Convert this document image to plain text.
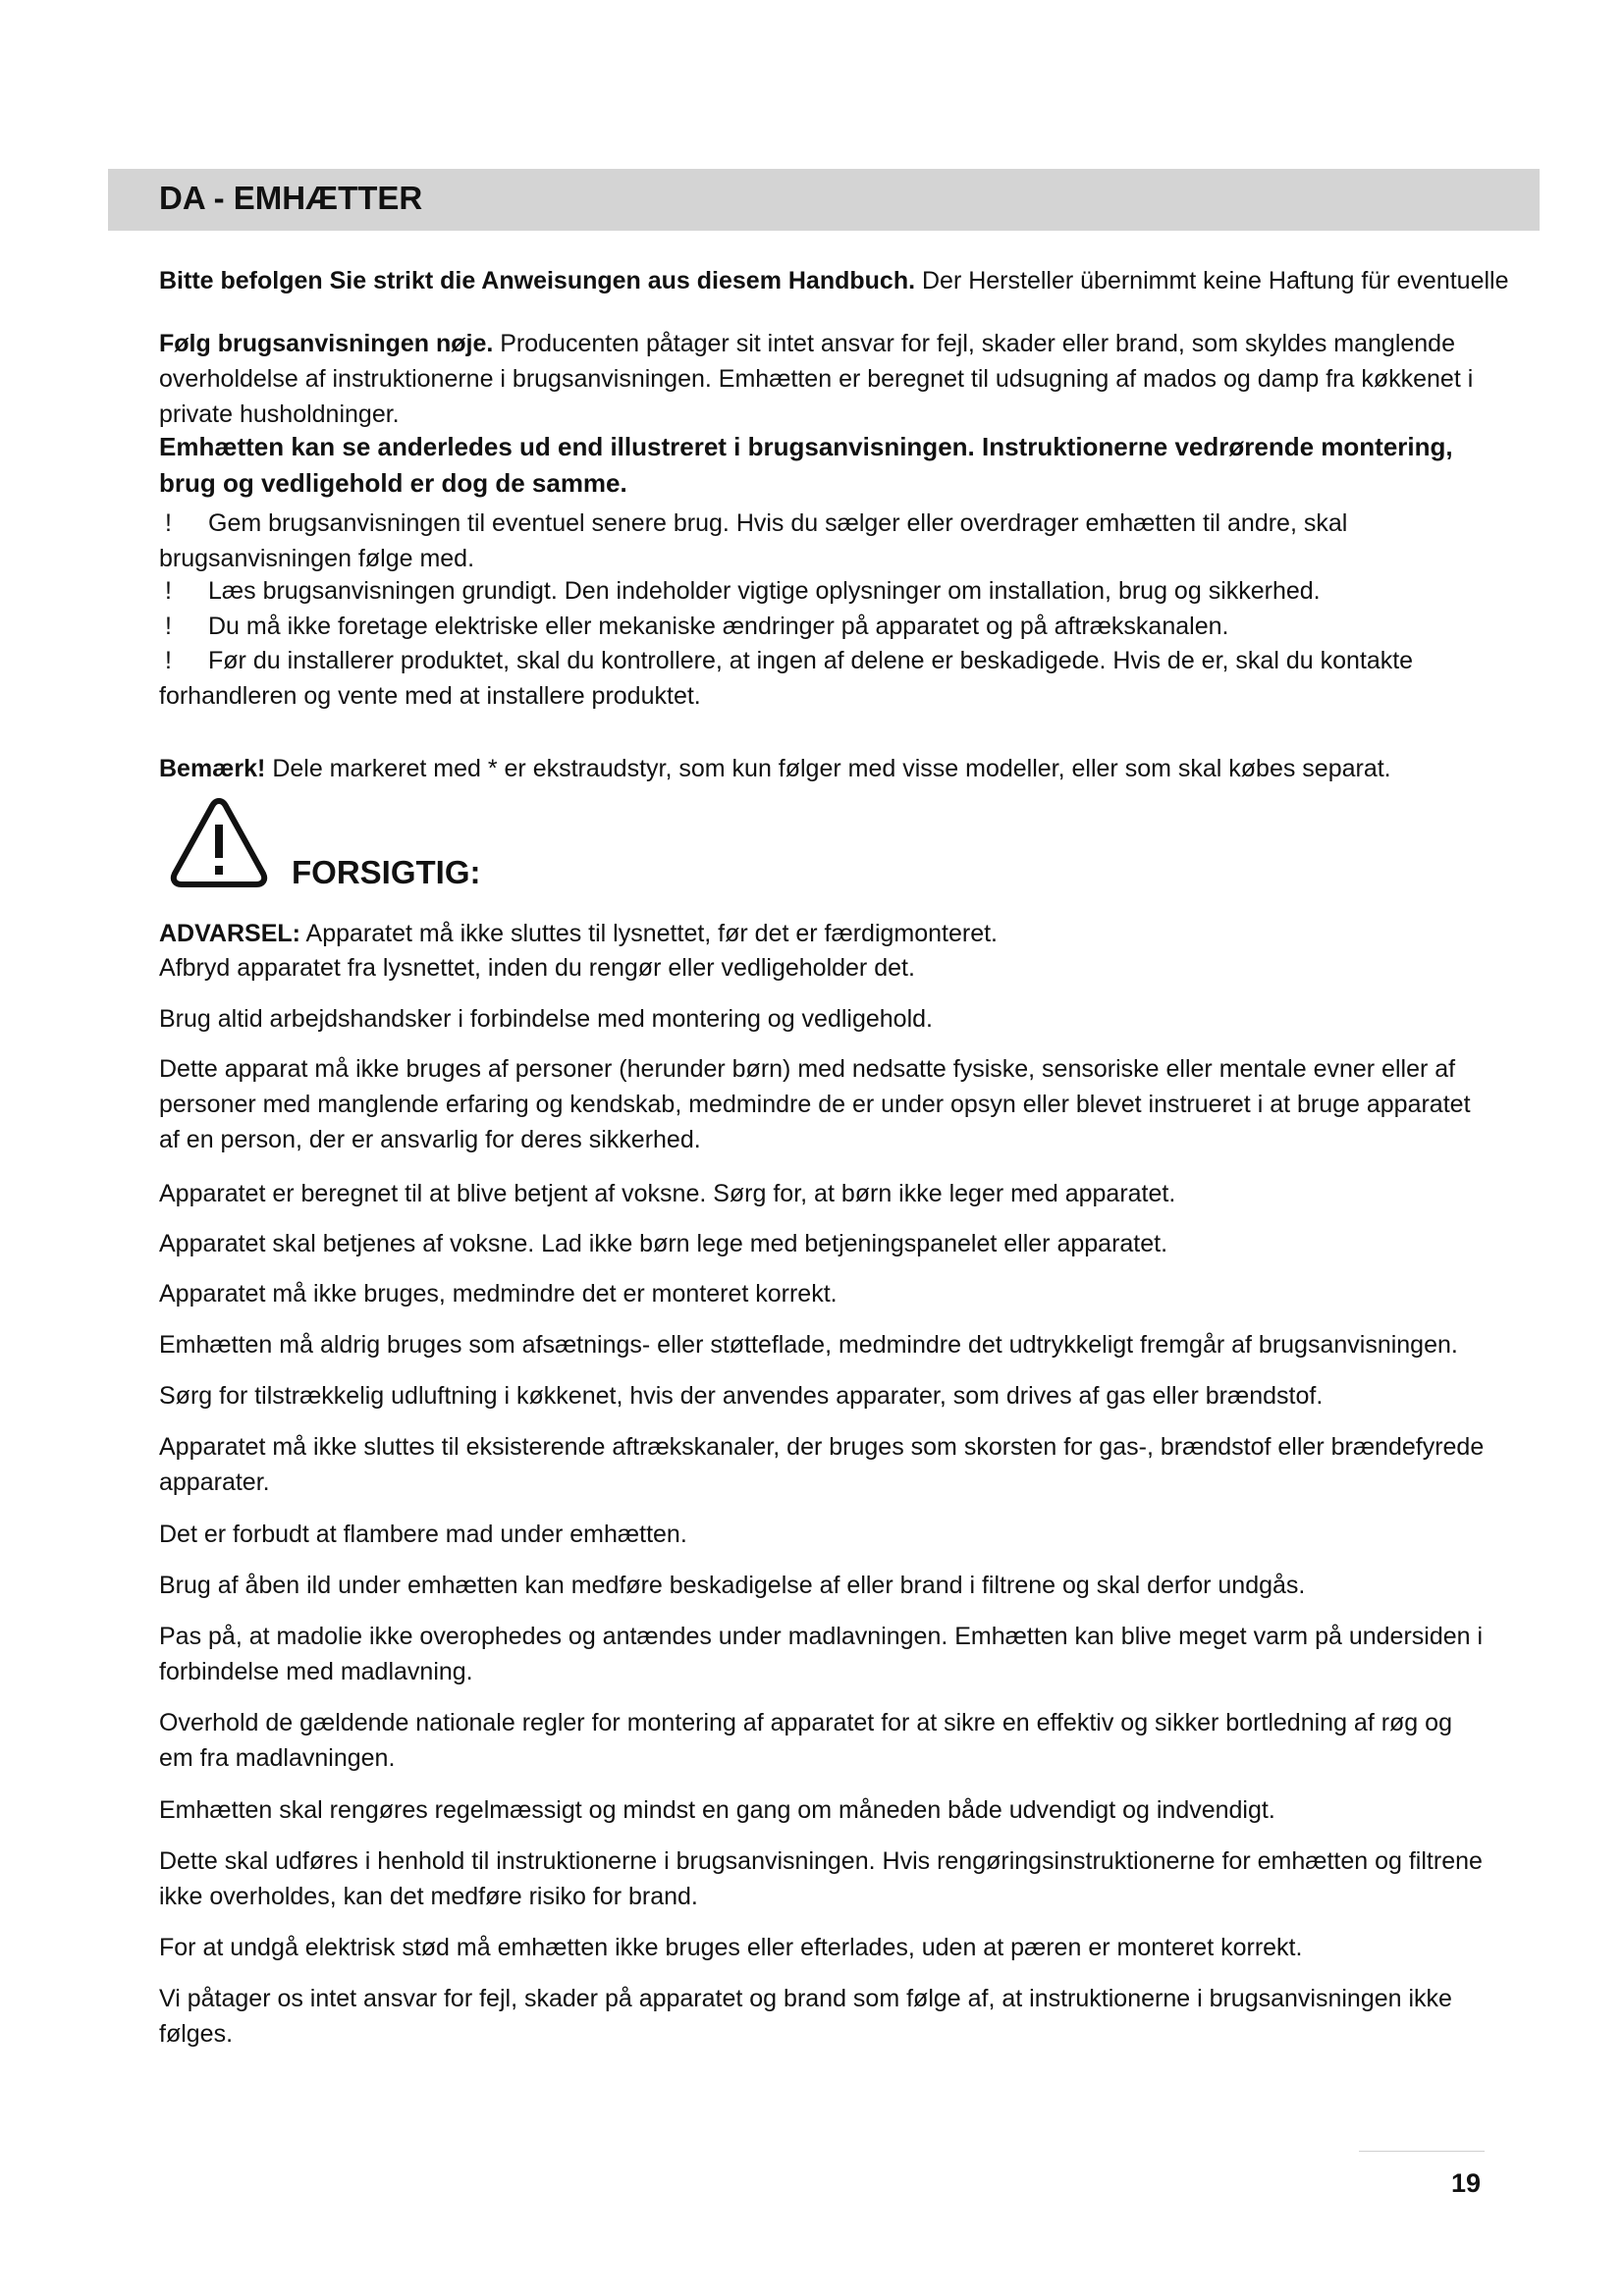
DA - EMHÆTTER
Bitte befolgen Sie strikt die Anweisungen aus diesem Handbuch. Der Hersteller übernimmt keine Haftung für eventuelle
Følg brugsanvisningen nøje. Producenten påtager sit intet ansvar for fejl, skader eller brand, som skyldes manglende overholdelse af instruktionerne i brugsanvisningen. Emhætten er beregnet til udsugning af mados og damp fra køkkenet i private husholdninger.
Emhætten kan se anderledes ud end illustreret i brugsanvisningen. Instruktionerne vedrørende montering, brug og vedligehold er dog de samme.
!	Gem brugsanvisningen til eventuel senere brug. Hvis du sælger eller overdrager emhætten til andre, skal brugsanvisningen følge med.
!	Læs brugsanvisningen grundigt. Den indeholder vigtige oplysninger om installation, brug og sikkerhed.
!	Du må ikke foretage elektriske eller mekaniske ændringer på apparatet og på aftrækskanalen.
!	Før du installerer produktet, skal du kontrollere, at ingen af delene er beskadigede. Hvis de er, skal du kontakte forhandleren og vente med at installere produktet.
Bemærk! Dele markeret med * er ekstraudstyr, som kun følger med visse modeller, eller som skal købes separat.
FORSIGTIG:
ADVARSEL: Apparatet må ikke sluttes til lysnettet, før det er færdigmonteret.
Afbryd apparatet fra lysnettet, inden du rengør eller vedligeholder det.
Brug altid arbejdshandsker i forbindelse med montering og vedligehold.
Dette apparat må ikke bruges af personer (herunder børn) med nedsatte fysiske, sensoriske eller mentale evner eller af personer med manglende erfaring og kendskab, medmindre de er under opsyn eller blevet instrueret i at bruge apparatet af en person, der er ansvarlig for deres sikkerhed.
Apparatet er beregnet til at blive betjent af voksne. Sørg for, at børn ikke leger med apparatet.
Apparatet skal betjenes af voksne. Lad ikke børn lege med betjeningspanelet eller apparatet.
Apparatet må ikke bruges, medmindre det er monteret korrekt.
Emhætten må aldrig bruges som afsætnings- eller støtteflade, medmindre det udtrykkeligt fremgår af brugsanvisningen.
Sørg for tilstrækkelig udluftning i køkkenet, hvis der anvendes apparater, som drives af gas eller brændstof.
Apparatet må ikke sluttes til eksisterende aftrækskanaler, der bruges som skorsten for gas-, brændstof eller brændefyrede apparater.
Det er forbudt at flambere mad under emhætten.
Brug af åben ild under emhætten kan medføre beskadigelse af eller brand i filtrene og skal derfor undgås.
Pas på, at madolie ikke overophedes og antændes under madlavningen. Emhætten kan blive meget varm på undersiden i forbindelse med madlavning.
Overhold de gældende nationale regler for montering af apparatet for at sikre en effektiv og sikker bortledning af røg og em fra madlavningen.
Emhætten skal rengøres regelmæssigt og mindst en gang om måneden både udvendigt og indvendigt.
Dette skal udføres i henhold til instruktionerne i brugsanvisningen. Hvis rengøringsinstruktionerne for emhætten og filtrene ikke overholdes, kan det medføre risiko for brand.
For at undgå elektrisk stød må emhætten ikke bruges eller efterlades, uden at pæren er monteret korrekt.
Vi påtager os intet ansvar for fejl, skader på apparatet og brand som følge af, at instruktionerne i brugsanvisningen ikke følges.
19
